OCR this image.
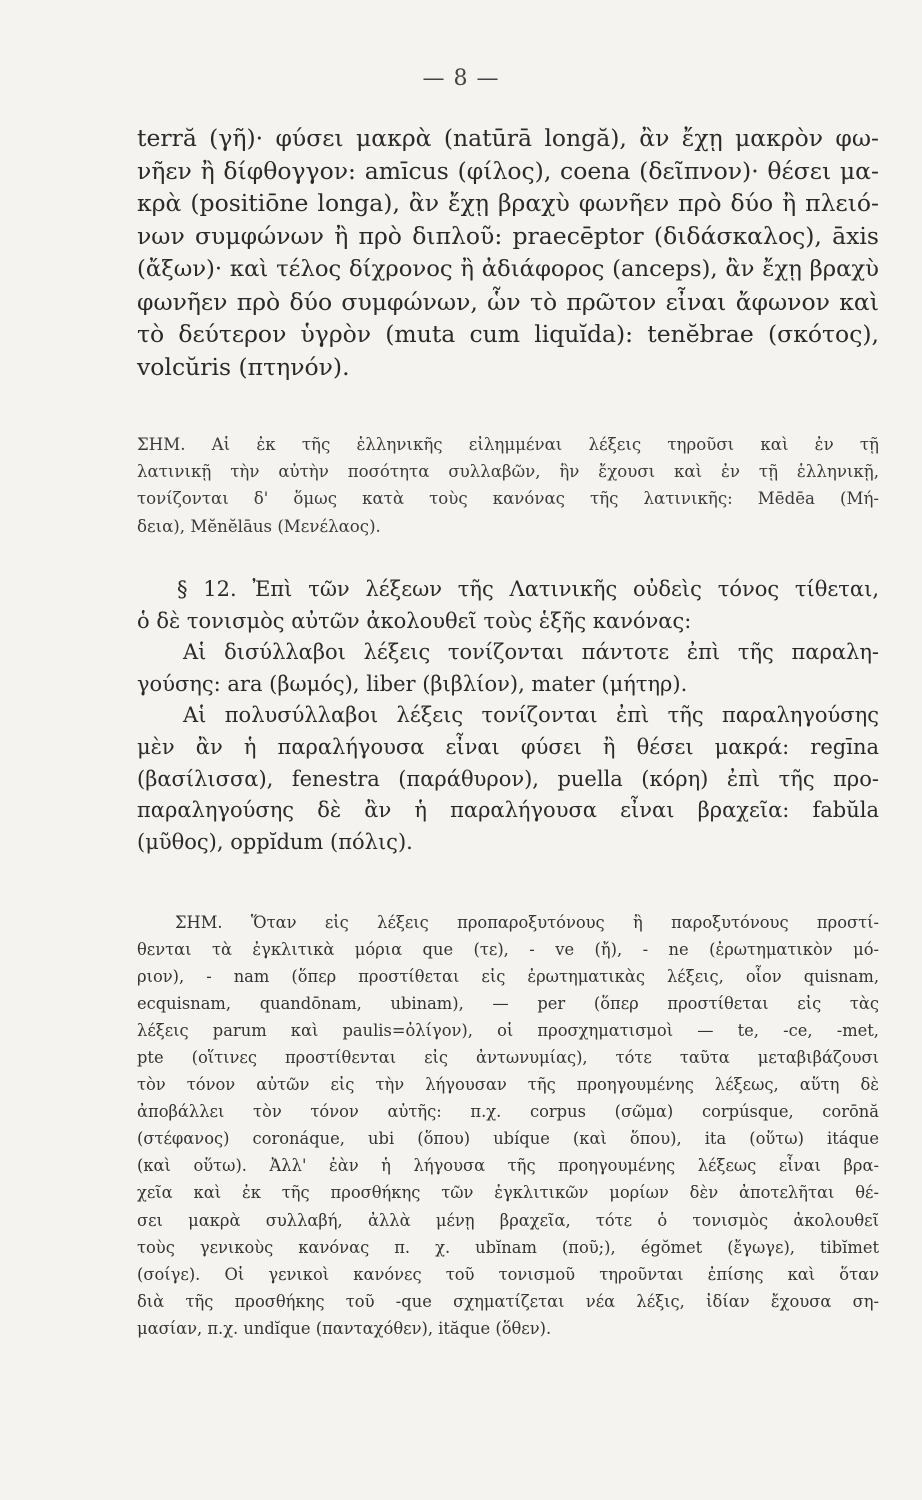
— 8 —
terră (γῆ)· φύσει μακρὰ (natūrā longă), ἂν ἔχῃ μακρὸν φω-
νῆεν ἢ δίφθογγον: amīcus (φίλος), coena (δεῖπνον)· θέσει μα-
κρὰ (positiōne longa), ἂν ἔχῃ βραχὺ φωνῆεν πρὸ δύο ἢ πλειό-
νων συμφώνων ἢ πρὸ διπλοῦ: praecēptor (διδάσκαλος), āxis
(ἄξων)· καὶ τέλος δίχρονος ἢ ἀδιάφορος (anceps), ἂν ἔχῃ βραχὺ
φωνῆεν πρὸ δύο συμφώνων, ὧν τὸ πρῶτον εἶναι ἄφωνον καὶ
τὸ δεύτερον ὑγρὸν (muta cum liquĭda): tenĕbrae (σκότος),
volcŭris (πτηνόν).
ΣΗΜ. Αἱ ἐκ τῆς ἑλληνικῆς εἰλημμέναι λέξεις τηροῦσι καὶ ἐν τῇ
λατινικῇ τὴν αὐτὴν ποσότητα συλλαβῶν, ἣν ἔχουσι καὶ ἐν τῇ ἑλληνικῇ,
τονίζονται δ' ὅμως κατὰ τοὺς κανόνας τῆς λατινικῆς: Mēdēa (Μή-
δεια), Mĕnĕlāus (Μενέλαος).
§ 12. Ἐπὶ τῶν λέξεων τῆς Λατινικῆς οὐδεὶς τόνος τίθεται,
ὁ δὲ τονισμὸς αὐτῶν ἀκολουθεῖ τοὺς ἑξῆς κανόνας:
Αἱ δισύλλαβοι λέξεις τονίζονται πάντοτε ἐπὶ τῆς παραλη-
γούσης: ara (βωμός), liber (βιβλίον), mater (μήτηρ).
Αἱ πολυσύλλαβοι λέξεις τονίζονται ἐπὶ τῆς παραληγούσης
μὲν ἂν ἡ παραλήγουσα εἶναι φύσει ἢ θέσει μακρά: regīna
(βασίλισσα), fenestra (παράθυρον), puella (κόρη) ἐπὶ τῆς προ-
παραληγούσης δὲ ἂν ἡ παραλήγουσα εἶναι βραχεῖα: fabŭla
(μῦθος), oppĭdum (πόλις).
ΣΗΜ. Ὅταν εἰς λέξεις προπαροξυτόνους ἢ παροξυτόνους προστί-
θενται τὰ ἐγκλιτικὰ μόρια que (τε), - ve (ἤ), - ne (ἐρωτηματικὸν μό-
ριον), - nam (ὅπερ προστίθεται εἰς ἐρωτηματικὰς λέξεις, οἷον quisnam,
ecquisnam, quandōnam, ubinam), — per (ὅπερ προστίθεται εἰς τὰς
λέξεις parum καὶ paulis=ὀλίγον), οἱ προσχηματισμοὶ — te, -ce, -met,
pte (οἵτινες προστίθενται εἰς ἀντωνυμίας), τότε ταῦτα μεταβιβάζουσι
τὸν τόνον αὐτῶν εἰς τὴν λήγουσαν τῆς προηγουμένης λέξεως, αὕτη δὲ
ἀποβάλλει τὸν τόνον αὐτῆς: π.χ. corpus (σῶμα) corpúsque, corōnă
(στέφανος) coronáque, ubi (ὅπου) ubíque (καὶ ὅπου), ita (οὕτω) itáque
(καὶ οὕτω). Ἀλλ' ἐὰν ἡ λήγουσα τῆς προηγουμένης λέξεως εἶναι βρα-
χεῖα καὶ ἐκ τῆς προσθήκης τῶν ἐγκλιτικῶν μορίων δὲν ἀποτελῆται θέ-
σει μακρὰ συλλαβή, ἀλλὰ μένῃ βραχεῖα, τότε ὁ τονισμὸς ἀκολουθεῖ
τοὺς γενικοὺς κανόνας π. χ. ubĭnam (ποῦ;), égŏmet (ἔγωγε), tibĭmet
(σοίγε). Οἱ γενικοὶ κανόνες τοῦ τονισμοῦ τηροῦνται ἐπίσης καὶ ὅταν
διὰ τῆς προσθήκης τοῦ -que σχηματίζεται νέα λέξις, ἰδίαν ἔχουσα ση-
μασίαν, π.χ. undĭque (πανταχόθεν), ităque (ὅθεν).
